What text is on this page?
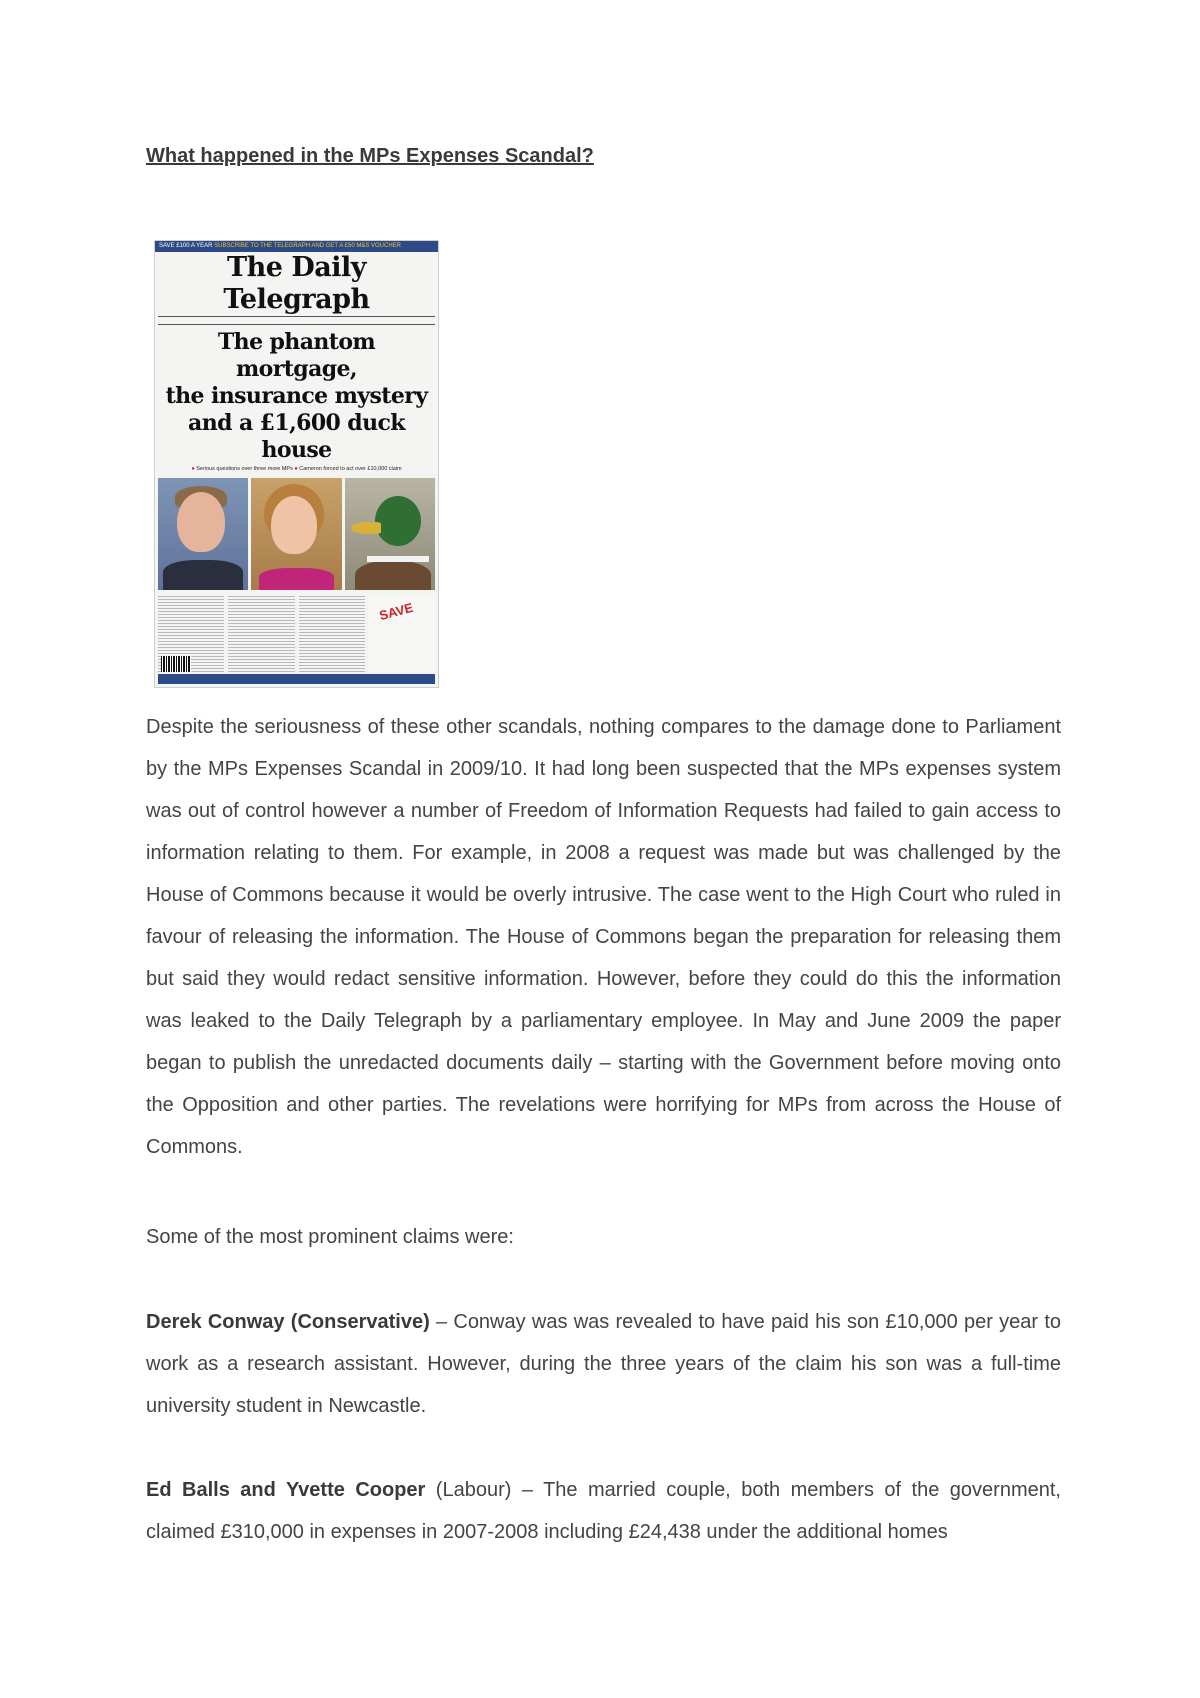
What happened in the MPs Expenses Scandal?
SAVE £100 A YEAR SUBSCRIBE TO THE TELEGRAPH AND GET A £50 M&S VOUCHER
The Daily Telegraph
The phantom mortgage,
the insurance mystery
and a £1,600 duck house
● Serious questions over three more MPs ● Cameron forced to act over £10,000 claim
SAVE

Despite the seriousness of these other scandals, nothing compares to the damage done to Parliament by the MPs Expenses Scandal in 2009/10. It had long been suspected that the MPs expenses system was out of control however a number of Freedom of Information Requests had failed to gain access to information relating to them. For example, in 2008 a request was made but was challenged by the House of Commons because it would be overly intrusive. The case went to the High Court who ruled in favour of releasing the information. The House of Commons began the preparation for releasing them but said they would redact sensitive information. However, before they could do this the information was leaked to the Daily Telegraph by a parliamentary employee. In May and June 2009 the paper began to publish the unredacted documents daily – starting with the Government before moving onto the Opposition and other parties. The revelations were horrifying for MPs from across the House of Commons.

Some of the most prominent claims were:

Derek Conway (Conservative) – Conway was was revealed to have paid his son £10,000 per year to work as a research assistant. However, during the three years of the claim his son was a full-time university student in Newcastle.

Ed Balls and Yvette Cooper (Labour) – The married couple, both members of the government, claimed £310,000 in expenses in 2007-2008 including £24,438 under the additional homes
